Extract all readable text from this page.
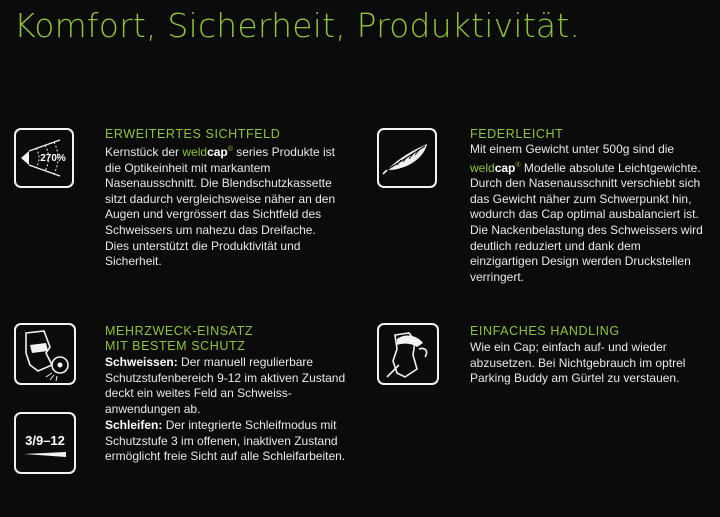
Komfort, Sicherheit, Produktivität.
270%
ERWEITERTES SICHTFELD

Kernstück der weldcap® series Produkte ist die Optikeinheit mit markantem Nasenausschnitt. Die Blendschutzkassette sitzt dadurch vergleichsweise näher an den Augen und vergrössert das Sichtfeld des Schweissers um nahezu das Dreifache. Dies unterstützt die Produktivität und Sicherheit.

FEDERLEICHT

Mit einem Gewicht unter 500g sind die weldcap® Modelle absolute Leichtgewichte. Durch den Nasenausschnitt verschiebt sich das Gewicht näher zum Schwerpunkt hin, wodurch das Cap optimal ausbalanciert ist. Die Nackenbelastung des Schweissers wird deutlich reduziert und dank dem einzigartigen Design werden Druckstellen verringert.

3/9–12
MEHRZWECK-EINSATZ
MIT BESTEM SCHUTZ

Schweissen: Der manuell regulierbare Schutzstufenbereich 9-12 im aktiven Zustand deckt ein weites Feld an Schweissanwendungen ab.

Schleifen: Der integrierte Schleifmodus mit Schutzstufe 3 im offenen, inaktiven Zustand ermöglicht freie Sicht auf alle Schleifarbeiten.

EINFACHES HANDLING

Wie ein Cap; einfach auf- und wieder abzusetzen. Bei Nichtgebrauch im optrel Parking Buddy am Gürtel zu verstauen.
